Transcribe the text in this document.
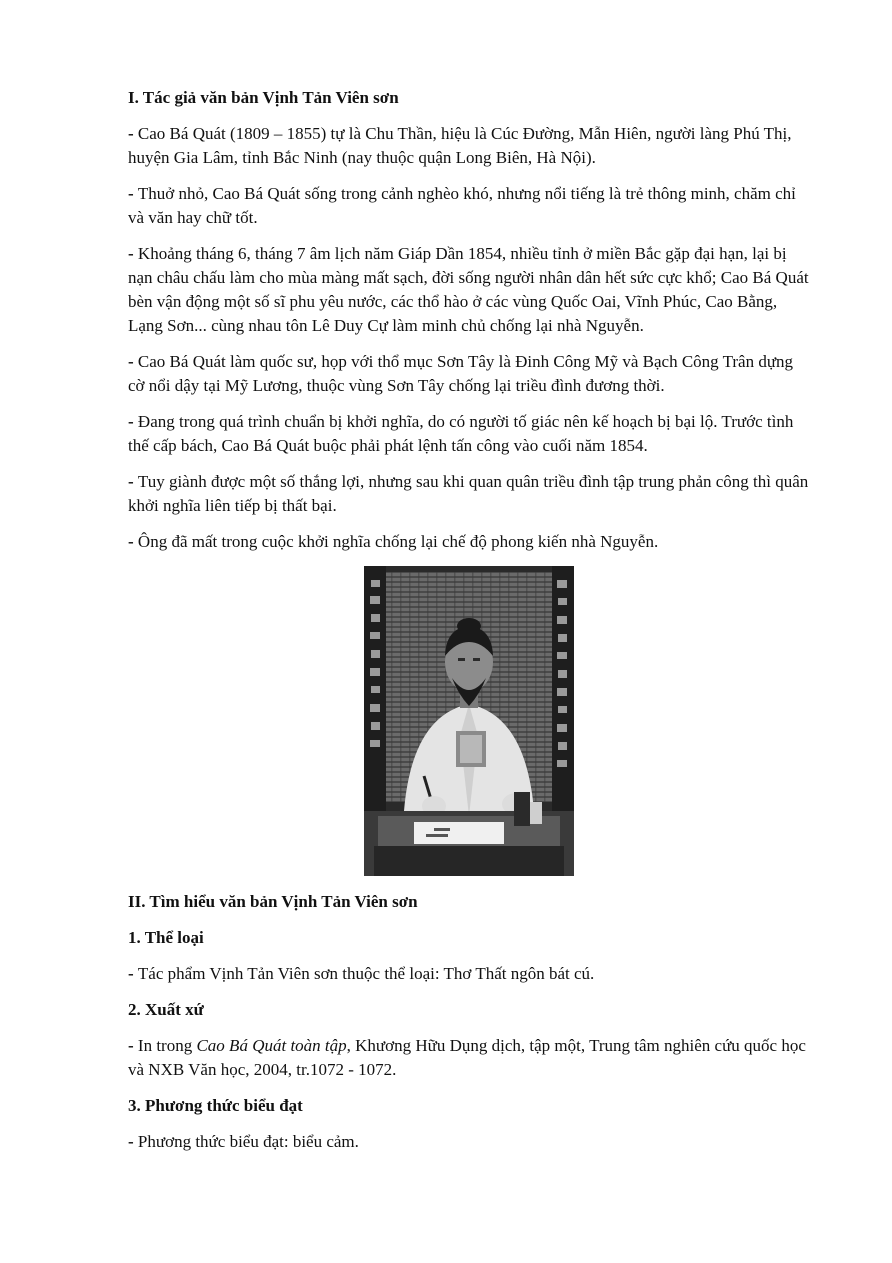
I. Tác giả văn bản Vịnh Tản Viên sơn
- Cao Bá Quát (1809 – 1855) tự là Chu Thần, hiệu là Cúc Đường, Mẫn Hiên, người làng Phú Thị, huyện Gia Lâm, tỉnh Bắc Ninh (nay thuộc quận Long Biên, Hà Nội).
- Thuở nhỏ, Cao Bá Quát sống trong cảnh nghèo khó, nhưng nổi tiếng là trẻ thông minh, chăm chỉ và văn hay chữ tốt.
- Khoảng tháng 6, tháng 7 âm lịch năm Giáp Dần 1854, nhiều tỉnh ở miền Bắc gặp đại hạn, lại bị nạn châu chấu làm cho mùa màng mất sạch, đời sống người nhân dân hết sức cực khổ; Cao Bá Quát bèn vận động một số sĩ phu yêu nước, các thổ hào ở các vùng Quốc Oai, Vĩnh Phúc, Cao Bằng, Lạng Sơn... cùng nhau tôn Lê Duy Cự làm minh chủ chống lại nhà Nguyễn.
- Cao Bá Quát làm quốc sư, họp với thổ mục Sơn Tây là Đinh Công Mỹ và Bạch Công Trân dựng cờ nổi dậy tại Mỹ Lương, thuộc vùng Sơn Tây chống lại triều đình đương thời.
- Đang trong quá trình chuẩn bị khởi nghĩa, do có người tố giác nên kế hoạch bị bại lộ. Trước tình thế cấp bách, Cao Bá Quát buộc phải phát lệnh tấn công vào cuối năm 1854.
- Tuy giành được một số thắng lợi, nhưng sau khi quan quân triều đình tập trung phản công thì quân khởi nghĩa liên tiếp bị thất bại.
- Ông đã mất trong cuộc khởi nghĩa chống lại chế độ phong kiến nhà Nguyễn.
II. Tìm hiểu văn bản Vịnh Tản Viên sơn
1. Thể loại
- Tác phẩm Vịnh Tản Viên sơn thuộc thể loại: Thơ Thất ngôn bát cú.
2. Xuất xứ
- In trong Cao Bá Quát toàn tập, Khương Hữu Dụng dịch, tập một, Trung tâm nghiên cứu quốc học và NXB Văn học, 2004, tr.1072 - 1072.
3. Phương thức biểu đạt
- Phương thức biểu đạt: biểu cảm.
